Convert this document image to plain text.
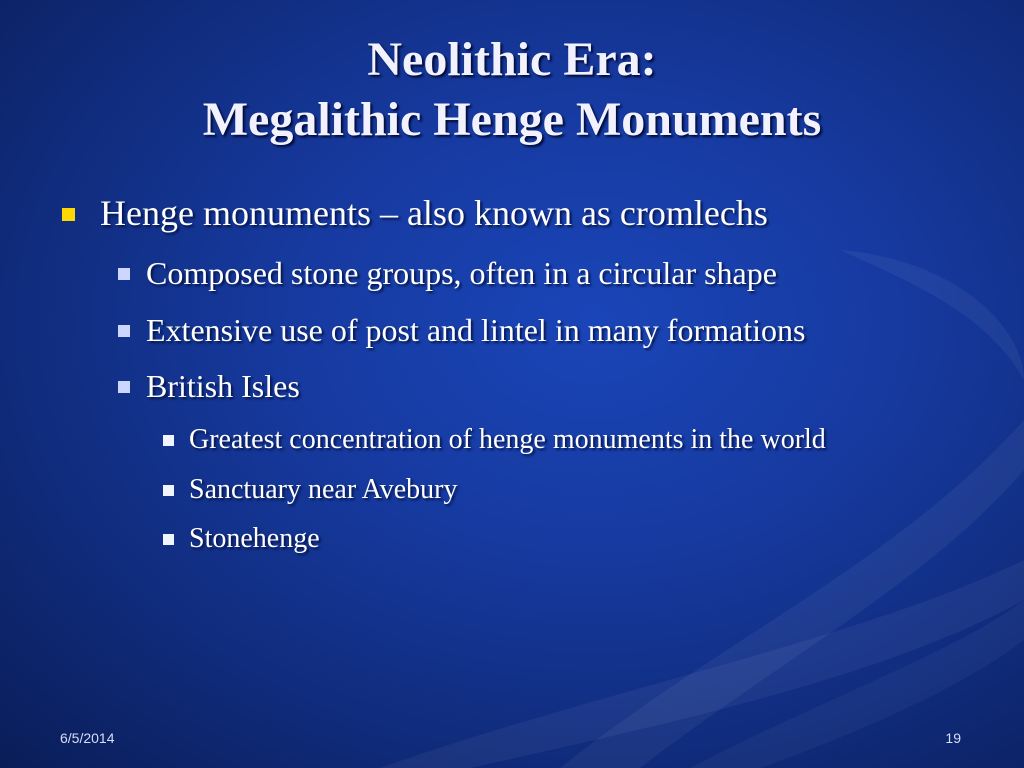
Neolithic Era:
Megalithic Henge Monuments
Henge monuments – also known as cromlechs
Composed stone groups, often in a circular shape
Extensive use of post and lintel in many formations
British Isles
Greatest concentration of henge monuments in the world
Sanctuary near Avebury
Stonehenge
6/5/2014	19
